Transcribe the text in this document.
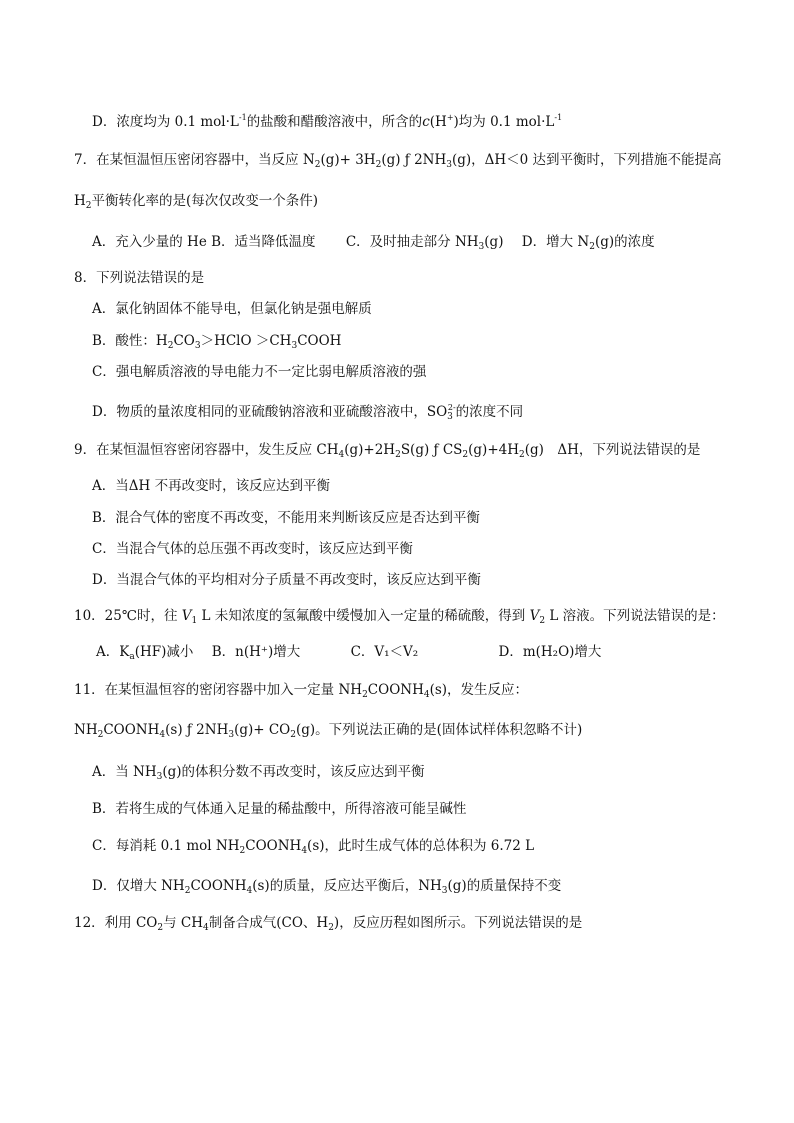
D．浓度均为 0.1 $mol\cdot L^{-1}$的盐酸和醋酸溶液中，所含的c(H+)均为 0.1 $mol\cdot L^{-1}$
7．在某恒温恒压密闭容器中，当反应 $N_2(g)+ 3H_2(g)$ ƒ $2NH_3(g)$，ΔH＜0 达到平衡时，下列措施不能提高
$H_2$平衡转化率的是(每次仅改变一个条件)
A．充入少量的 He B．适当降低温度 C．及时抽走部分 $NH_3(g)$ D．增大 $N_2(g)$的浓度
8．下列说法错误的是
A．氯化钠固体不能导电，但氯化钠是强电解质
B．酸性：$H_2CO_3>HClO$ $>CH_3COOH$
C．强电解质溶液的导电能力不一定比弱电解质溶液的强
D．物质的量浓度相同的亚硫酸钠溶液和亚硫酸溶液中，$SO_3^{2-}$的浓度不同
9．在某恒温恒容密闭容器中，发生反应 $CH_4(g)+2H_2S(g)$ ƒ $CS_2(g)+4H_2(g)$　ΔH，下列说法错误的是
A．当ΔH 不再改变时，该反应达到平衡
B．混合气体的密度不再改变，不能用来判断该反应是否达到平衡
C．当混合气体的总压强不再改变时，该反应达到平衡
D．当混合气体的平均相对分子质量不再改变时，该反应达到平衡
10．25℃时，往 $V_1$ L 未知浓度的氢氟酸中缓慢加入一定量的稀硫酸，得到 $V_2$ L 溶液。下列说法错误的是：
A．$K_a(HF)$减小 B．n(H⁺)增大	C．V₁＜V₂	D．m(H₂O)增大
11．在某恒温恒容的密闭容器中加入一定量 $NH_2COONH_4(s)$，发生反应：
$NH_2COONH_4(s)$ ƒ $2NH_3(g)+ CO_2(g)$。下列说法正确的是(固体试样体积忽略不计)
A．当 $NH_3(g)$的体积分数不再改变时，该反应达到平衡
B．若将生成的气体通入足量的稀盐酸中，所得溶液可能呈碱性
C．每消耗 0.1 mol $NH_2COONH_4(s)$，此时生成气体的总体积为 6.72 L
D．仅增大 $NH_2COONH_4(s)$的质量，反应达平衡后，$NH_3(g)$的质量保持不变
12．利用 $CO_2$与 $CH_4$制备合成气(CO、$H_2$)，反应历程如图所示。下列说法错误的是
